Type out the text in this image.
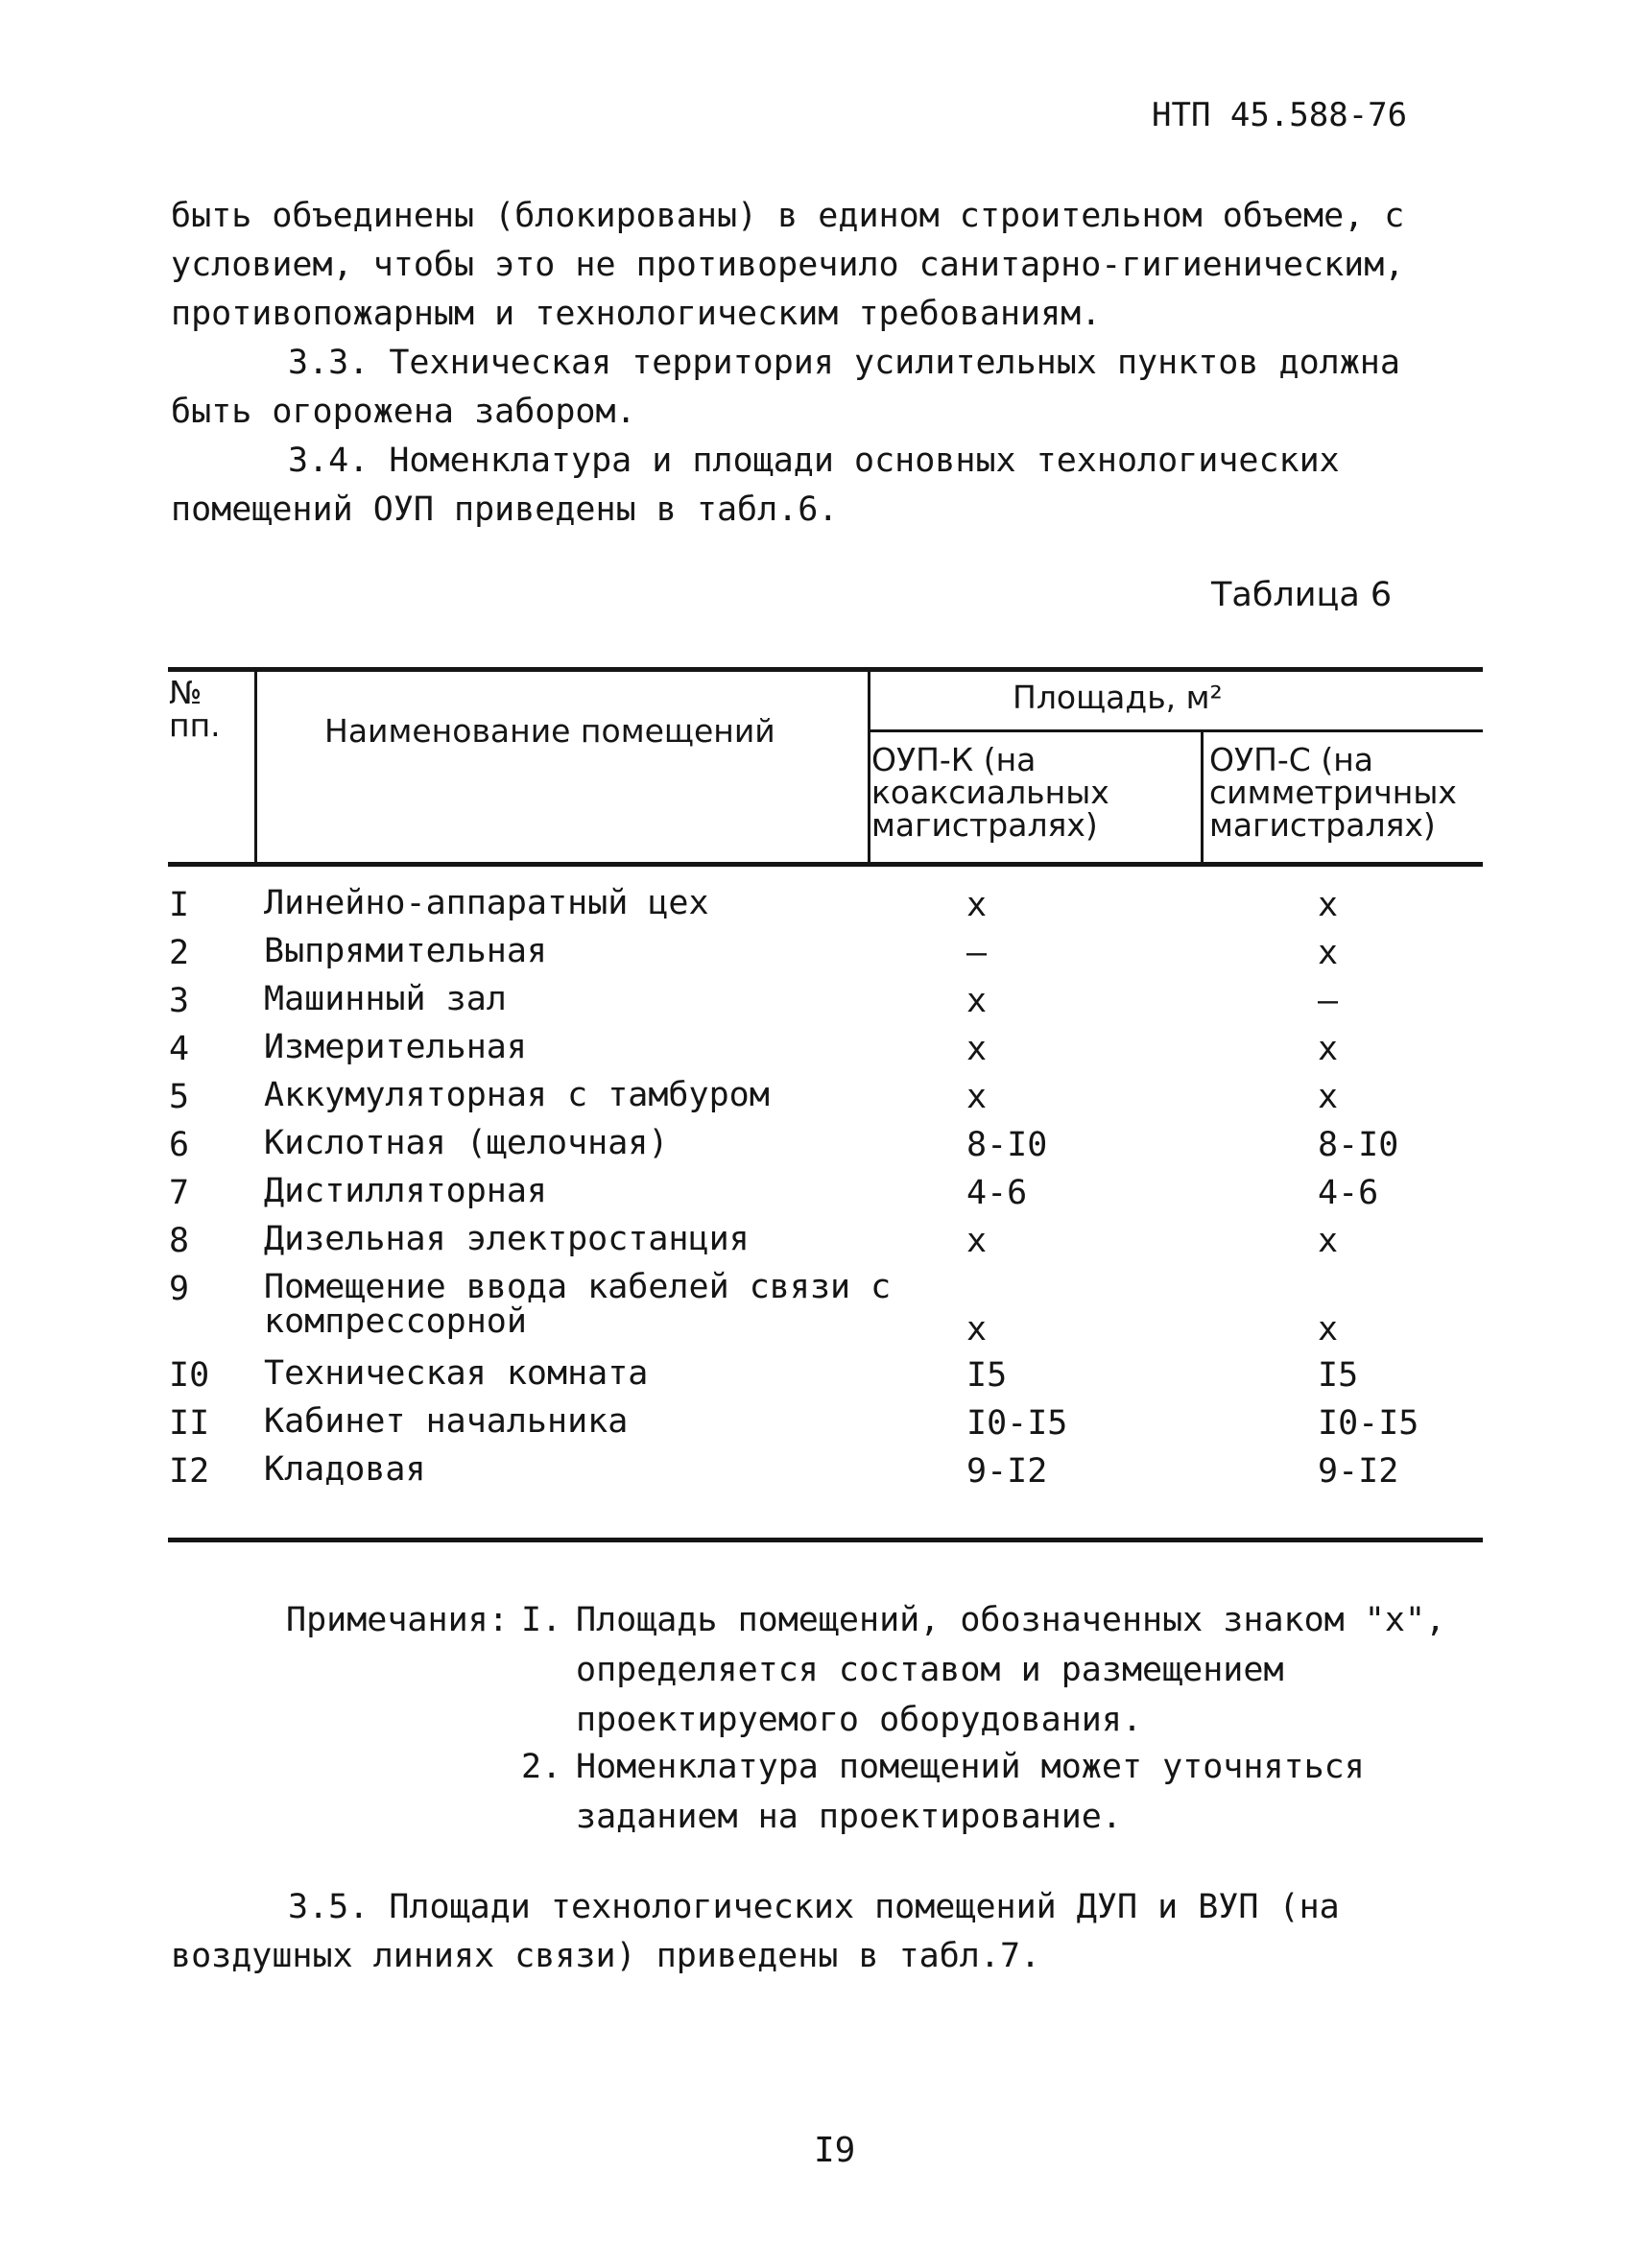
НТП 45.588-76

быть объединены (блокированы) в едином строительном объеме, с условием, чтобы это не противоречило санитарно-гигиеническим, противопожарным и технологическим требованиям.

3.3. Техническая территория усилительных пунктов должна быть огорожена забором.

3.4. Номенклатура и площади основных технологических помещений ОУП приведены в табл.6.

Таблица 6
№ пп.	Наименование помещений
Площадь, м²
ОУП-К (на коаксиальных магистралях)
ОУП-С (на симметричных магистралях)
I Линейно-аппаратный цех	х	х
2 Выпрямительная	–	х
3 Машинный зал	х	–
4 Измерительная	х	х
5 Аккумуляторная с тамбуром	х	х
6 Кислотная (щелочная)	8-I0	8-I0
7 Дистилляторная	4-6	4-6
8 Дизельная электростанция	х	х
9 Помещение ввода кабелей связи с компрессорной	х	х
I0 Техническая комната	I5	I5
II Кабинет начальника	I0-I5	I0-I5
I2 Кладовая	9-I2	9-I2
Примечания: I. Площадь помещений, обозначенных знаком "х", определяется составом и размещением проектируемого оборудования.
2. Номенклатура помещений может уточняться заданием на проектирование.
3.5. Площади технологических помещений ДУП и ВУП (на воздушных линиях связи) приведены в табл.7.
I9
